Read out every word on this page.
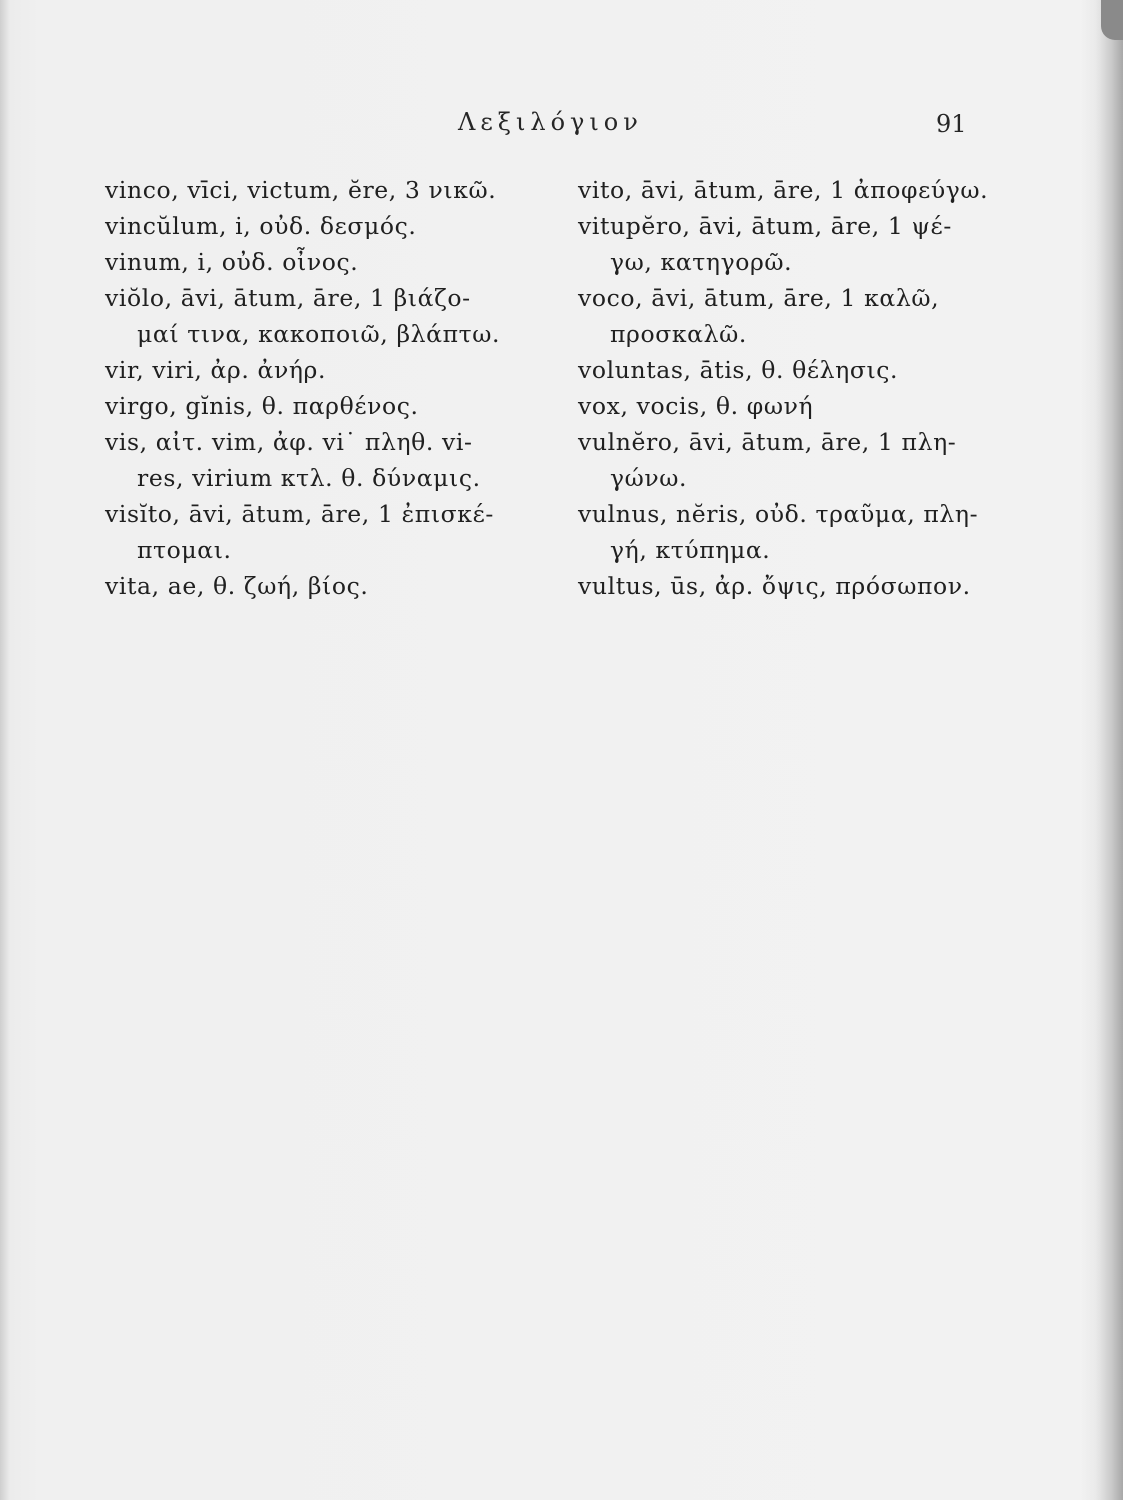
Λεξιλόγιον	91
vinco, vīci, victum, ĕre, 3 νικῶ.
vincŭlum, i, οὐδ. δεσμός.
vinum, i, οὐδ. οἶνος.
viŏlo, āvi, ātum, āre, 1 βιάζο-
μαί τινα, κακοποιῶ, βλάπτω.
vir, viri, ἀρ. ἀνήρ.
virgo, gĭnis, θ. παρθένος.
vis, αἰτ. vim, ἀφ. vi˙ πληθ. vi-
res, virium κτλ. θ. δύναμις.
visĭto, āvi, ātum, āre, 1 ἐπισκέ-
πτομαι.
vita, ae, θ. ζωή, βίος.
vito, āvi, ātum, āre, 1 ἀποφεύγω.
vitupĕro, āvi, ātum, āre, 1 ψέ-
γω, κατηγορῶ.
voco, āvi, ātum, āre, 1 καλῶ,
προσκαλῶ.
voluntas, ātis, θ. θέλησις.
vox, vocis, θ. φωνή
vulnĕro, āvi, ātum, āre, 1 πλη-
γώνω.
vulnus, nĕris, οὐδ. τραῦμα, πλη-
γή, κτύπημα.
vultus, ūs, ἀρ. ὄψις, πρόσωπον.
